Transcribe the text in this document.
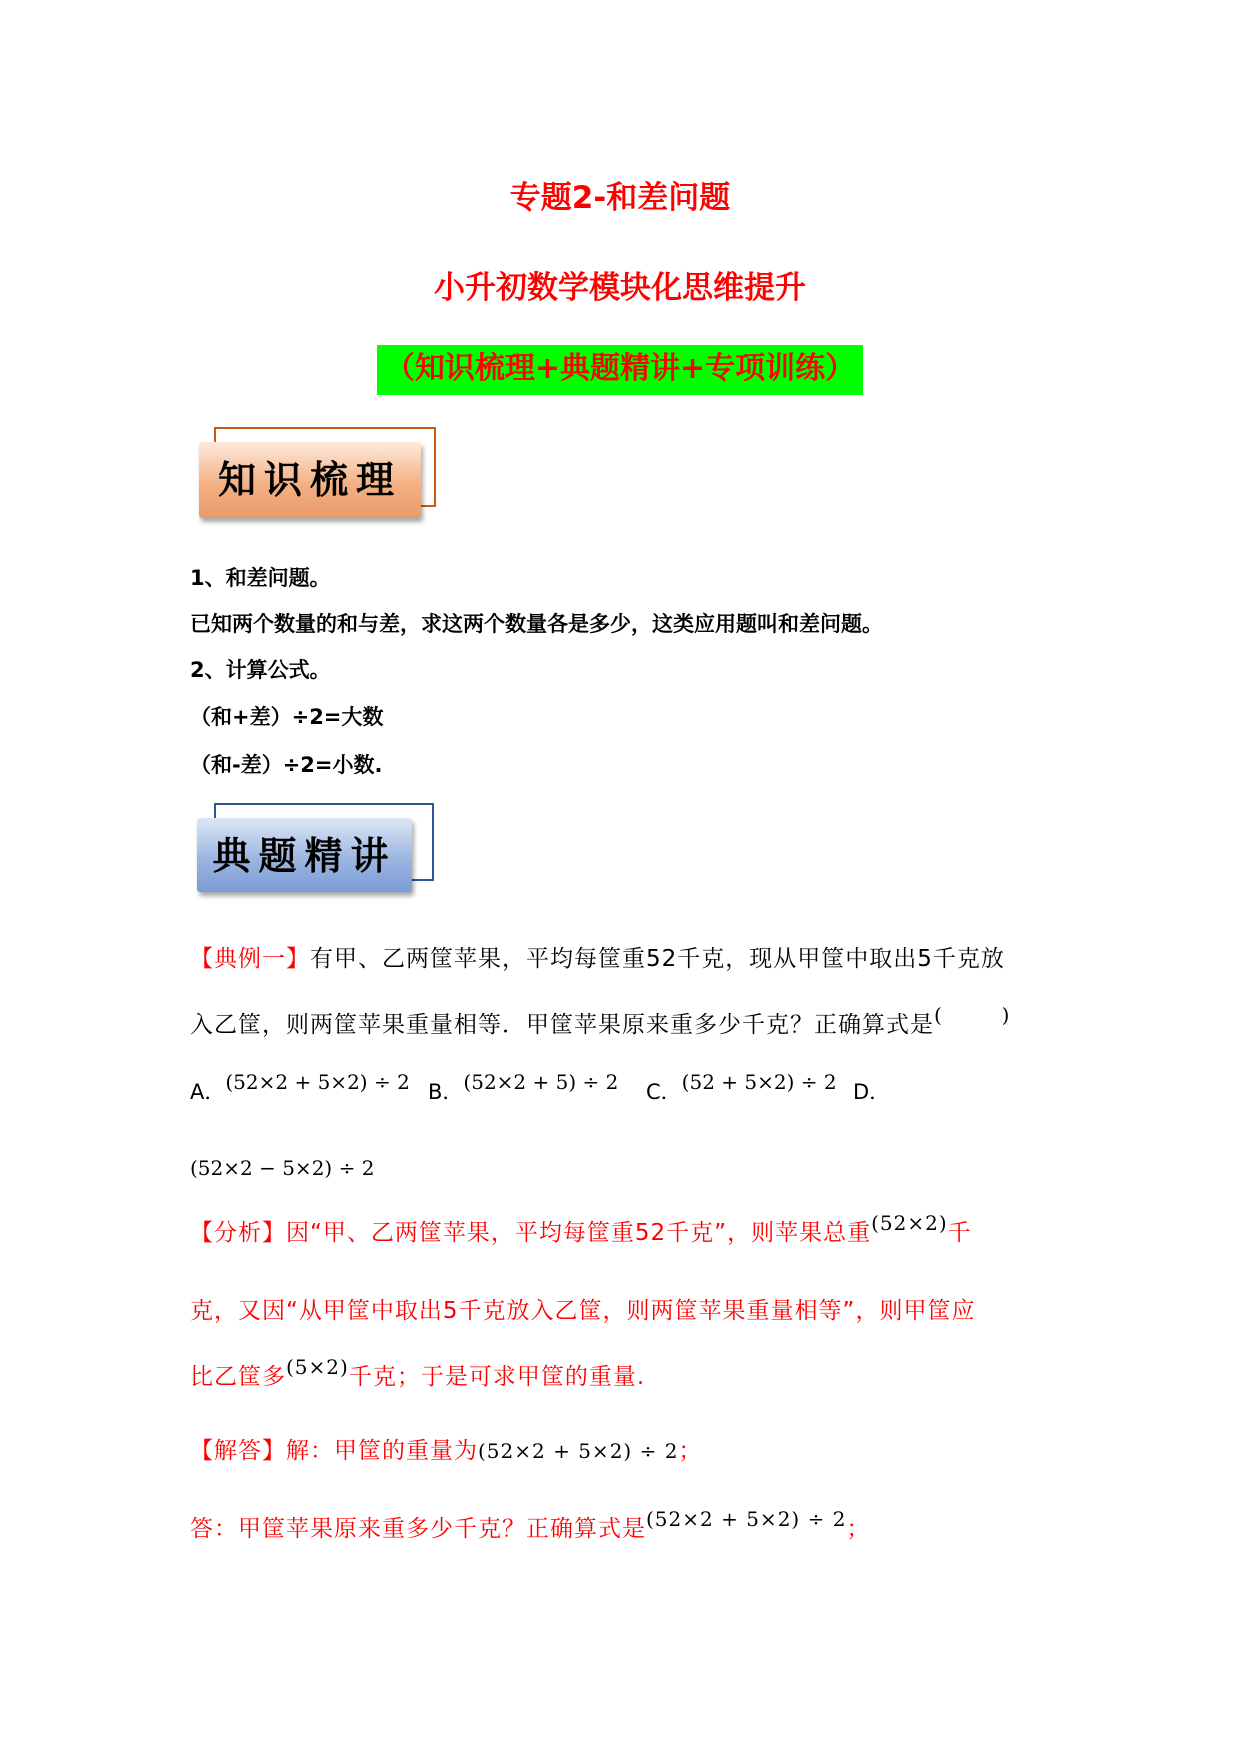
专题2-和差问题
小升初数学模块化思维提升
（知识梳理+典题精讲+专项训练）
知识梳理
1、和差问题。
已知两个数量的和与差，求这两个数量各是多少，这类应用题叫和差问题。
2、计算公式。
（和+差）÷2=大数
（和-差）÷2=小数.
典题精讲
【典例一】有甲、乙两筐苹果，平均每筐重52千克，现从甲筐中取出5千克放
入乙筐，则两筐苹果重量相等．甲筐苹果原来重多少千克？正确算式是(        )
A．(52×2 + 5×2) ÷ 2 B．(52×2 + 5) ÷ 2 C．(52 + 5×2) ÷ 2 D．
(52×2 − 5×2) ÷ 2
【分析】因“甲、乙两筐苹果，平均每筐重52千克”，则苹果总重(52×2)千
克，又因“从甲筐中取出5千克放入乙筐，则两筐苹果重量相等”，则甲筐应
比乙筐多(5×2)千克；于是可求甲筐的重量.
【解答】解：甲筐的重量为(52×2 + 5×2) ÷ 2；
答：甲筐苹果原来重多少千克？正确算式是(52×2 + 5×2) ÷ 2；
